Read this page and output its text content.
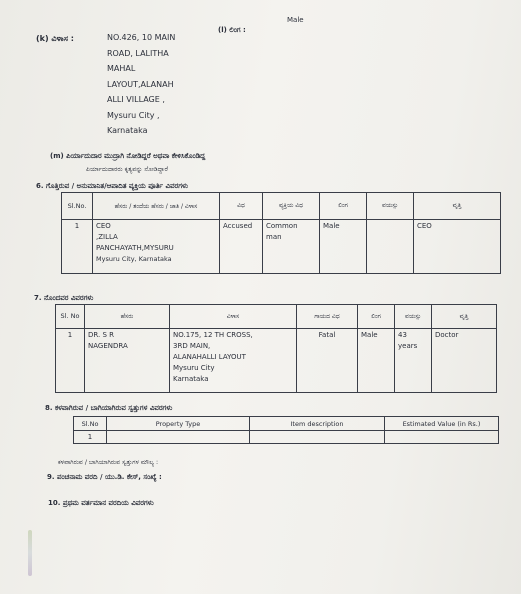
(k) ವಿಳಾಸ :	NO.426, 10 MAIN
ROAD, LALITHA
MAHAL
LAYOUT,ALANAH
ALLI VILLAGE ,
Mysuru City ,
Karnataka
(l) ಲಿಂಗ :
Male
(m) ಪಿರ್ಯಾದುದಾರ ಮುದ್ರಾಗಿ ನೋಡಿದ್ದರೆ ಅಥವಾ ಕೇಳಿಸಿಕೊಂಡಿದ್ದ
ಪಿರ್ಯಾದುದಾರರು ಕೃತ್ಯವನ್ನು ನೋಡಿದ್ದಾರೆ
6. ಗೊತ್ತಿರುವ / ಅನುಮಾನಿತ/ಆಪಾದಿತ ವ್ಯಕ್ತಿಯ ಪೂರ್ತಿ ವಿವರಗಳು
Sl.No.	ಹೆಸರು / ತಂದೆಯ ಹೆಸರು / ಜಾತಿ / ವಿಳಾಸ	ವಿಧ	ವ್ಯಕ್ತಿಯ ವಿಧ	ಲಿಂಗ	ವಯಸ್ಸು	ವೃತ್ತಿ
1	CEO
,ZILLA
PANCHAYATH,MYSURU
Mysuru City, Karnataka	Accused	Common
man	Male		CEO
7. ನೊಂದವರ ವಿವರಗಳು
Sl. No	ಹೆಸರು	ವಿಳಾಸ	ಗಾಯದ ವಿಧ	ಲಿಂಗ	ವಯಸ್ಸು	ವೃತ್ತಿ
1	DR. S R
NAGENDRA	NO.175, 12 TH CROSS,
3RD MAIN,
ALANAHALLI LAYOUT
Mysuru City
Karnataka	Fatal	Male	43
years	Doctor
8. ಕಳವಾಗಿರುವ / ಬಾಗಿಯಾಗಿರುವ ಸ್ವತ್ತುಗಳ ವಿವರಗಳು
Sl.No	Property Type	Item description	Estimated Value (in Rs.)
1			
ಕಳವಾಗಿರುವ / ಬಾಗಿಯಾಗಿರುವ ಸ್ವತ್ತುಗಳ ಮೌಲ್ಯ :
9. ಪಂಚನಾಮ ವರದಿ / ಯು.ಡಿ. ಕೇಸ್, ಸಂಖ್ಯೆ :
10. ಪ್ರಥಮ ವರ್ತಮಾನ ವರದಿಯ ವಿವರಗಳು
